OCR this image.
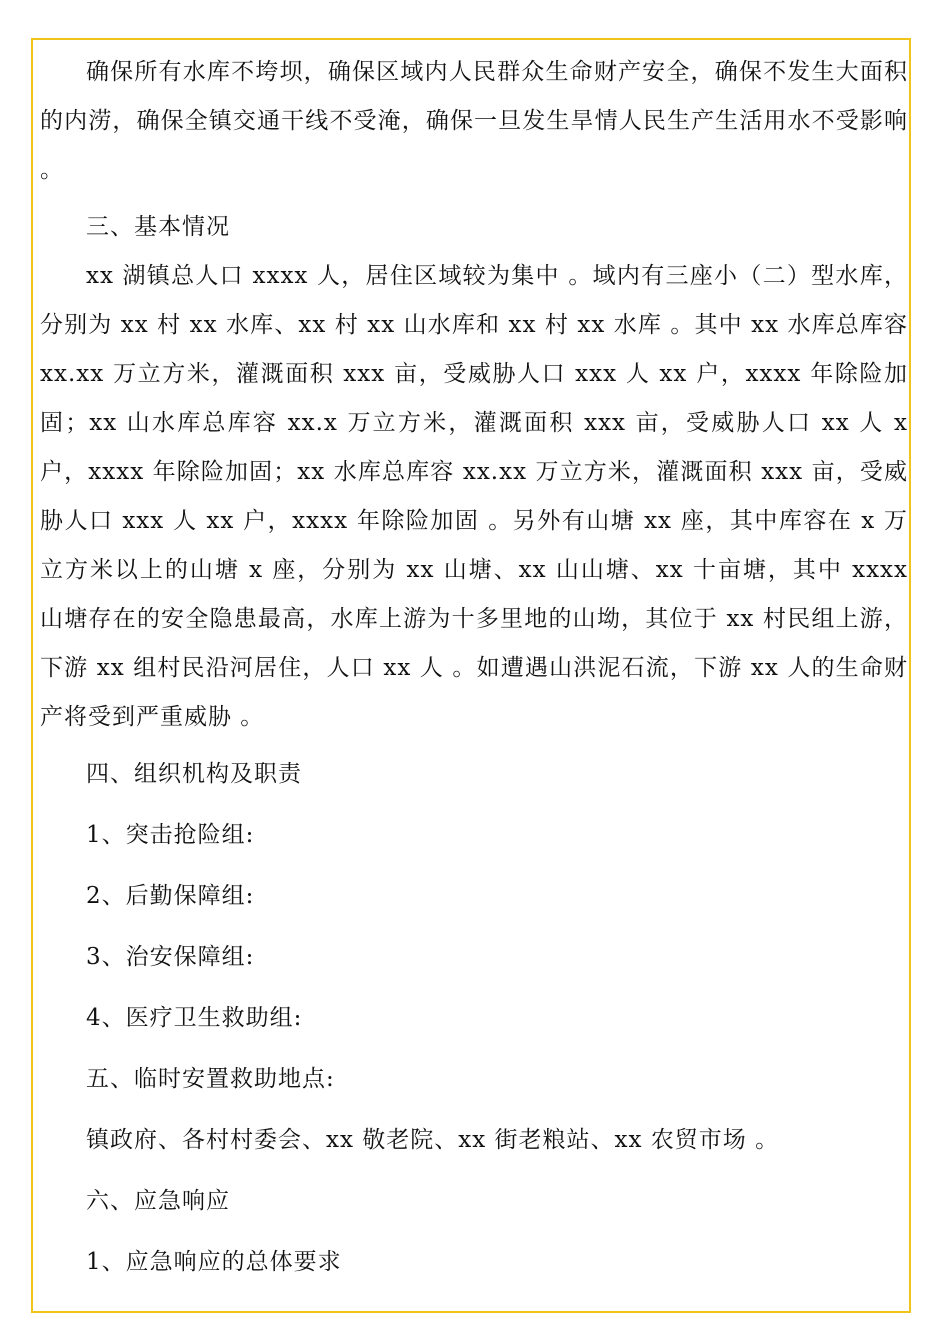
确保所有水库不垮坝，确保区域内人民群众生命财产安全，确保不发生大面积的内涝，确保全镇交通干线不受淹，确保一旦发生旱情人民生产生活用水不受影响 。

三、基本情况

xx 湖镇总人口 xxxx 人，居住区域较为集中 。域内有三座小（二）型水库，分别为 xx 村 xx 水库、xx 村 xx 山水库和 xx 村 xx 水库 。其中 xx 水库总库容 xx.xx 万立方米，灌溉面积 xxx 亩，受威胁人口 xxx 人 xx 户，xxxx 年除险加固；xx 山水库总库容 xx.x 万立方米，灌溉面积 xxx 亩，受威胁人口 xx 人 x 户，xxxx 年除险加固；xx 水库总库容 xx.xx 万立方米，灌溉面积 xxx 亩，受威胁人口 xxx 人 xx 户，xxxx 年除险加固 。另外有山塘 xx 座，其中库容在 x 万立方米以上的山塘 x 座，分别为 xx 山塘、xx 山山塘、xx 十亩塘，其中 xxxx 山塘存在的安全隐患最高，水库上游为十多里地的山坳，其位于 xx 村民组上游，下游 xx 组村民沿河居住，人口 xx 人 。如遭遇山洪泥石流，下游 xx 人的生命财产将受到严重威胁 。

四、组织机构及职责

1、突击抢险组:

2、后勤保障组:

3、治安保障组:

4、医疗卫生救助组:

五、临时安置救助地点:

镇政府、各村村委会、xx 敬老院、xx 街老粮站、xx 农贸市场 。

六、应急响应

1、应急响应的总体要求
